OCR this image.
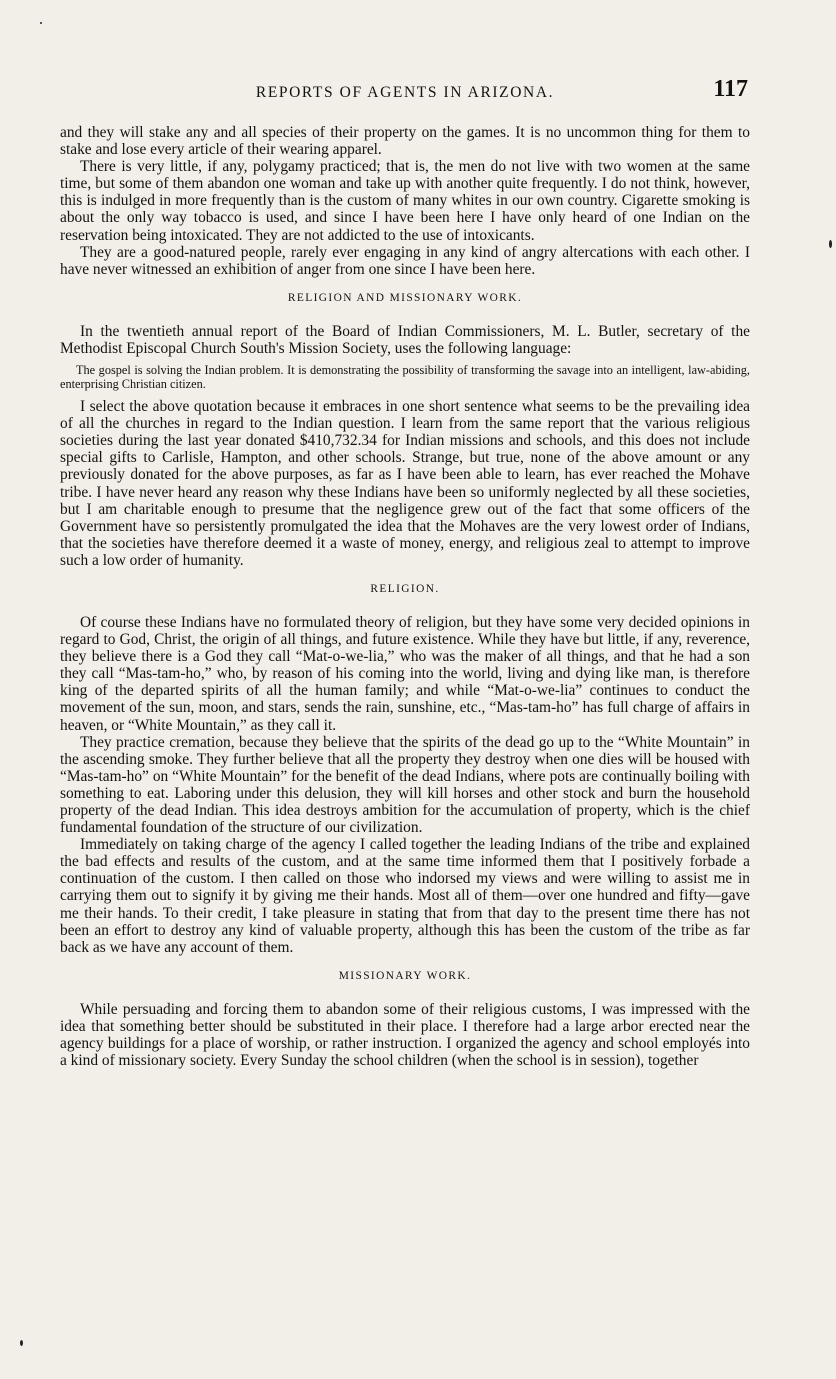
REPORTS OF AGENTS IN ARIZONA.	117

and they will stake any and all species of their property on the games. It is no uncommon thing for them to stake and lose every article of their wearing apparel.

There is very little, if any, polygamy practiced; that is, the men do not live with two women at the same time, but some of them abandon one woman and take up with another quite frequently. I do not think, however, this is indulged in more frequently than is the custom of many whites in our own country. Cigarette smoking is about the only way tobacco is used, and since I have been here I have only heard of one Indian on the reservation being intoxicated. They are not addicted to the use of intoxicants.

They are a good-natured people, rarely ever engaging in any kind of angry altercations with each other. I have never witnessed an exhibition of anger from one since I have been here.

RELIGION AND MISSIONARY WORK.

In the twentieth annual report of the Board of Indian Commissioners, M. L. Butler, secretary of the Methodist Episcopal Church South's Mission Society, uses the following language:

The gospel is solving the Indian problem. It is demonstrating the possibility of transforming the savage into an intelligent, law-abiding, enterprising Christian citizen.

I select the above quotation because it embraces in one short sentence what seems to be the prevailing idea of all the churches in regard to the Indian question. I learn from the same report that the various religious societies during the last year donated $410,732.34 for Indian missions and schools, and this does not include special gifts to Carlisle, Hampton, and other schools. Strange, but true, none of the above amount or any previously donated for the above purposes, as far as I have been able to learn, has ever reached the Mohave tribe. I have never heard any reason why these Indians have been so uniformly neglected by all these societies, but I am charitable enough to presume that the negligence grew out of the fact that some officers of the Government have so persistently promulgated the idea that the Mohaves are the very lowest order of Indians, that the societies have therefore deemed it a waste of money, energy, and religious zeal to attempt to improve such a low order of humanity.

RELIGION.

Of course these Indians have no formulated theory of religion, but they have some very decided opinions in regard to God, Christ, the origin of all things, and future existence. While they have but little, if any, reverence, they believe there is a God they call “Mat-o-we-lia,” who was the maker of all things, and that he had a son they call “Mas-tam-ho,” who, by reason of his coming into the world, living and dying like man, is therefore king of the departed spirits of all the human family; and while “Mat-o-we-lia” continues to conduct the movement of the sun, moon, and stars, sends the rain, sunshine, etc., “Mas-tam-ho” has full charge of affairs in heaven, or “White Mountain,” as they call it.

They practice cremation, because they believe that the spirits of the dead go up to the “White Mountain” in the ascending smoke. They further believe that all the property they destroy when one dies will be housed with “Mas-tam-ho” on “White Mountain” for the benefit of the dead Indians, where pots are continually boiling with something to eat. Laboring under this delusion, they will kill horses and other stock and burn the household property of the dead Indian. This idea destroys ambition for the accumulation of property, which is the chief fundamental foundation of the structure of our civilization.

Immediately on taking charge of the agency I called together the leading Indians of the tribe and explained the bad effects and results of the custom, and at the same time informed them that I positively forbade a continuation of the custom. I then called on those who indorsed my views and were willing to assist me in carrying them out to signify it by giving me their hands. Most all of them—over one hundred and fifty—gave me their hands. To their credit, I take pleasure in stating that from that day to the present time there has not been an effort to destroy any kind of valuable property, although this has been the custom of the tribe as far back as we have any account of them.

MISSIONARY WORK.

While persuading and forcing them to abandon some of their religious customs, I was impressed with the idea that something better should be substituted in their place. I therefore had a large arbor erected near the agency buildings for a place of worship, or rather instruction. I organized the agency and school employés into a kind of missionary society. Every Sunday the school children (when the school is in session), together
